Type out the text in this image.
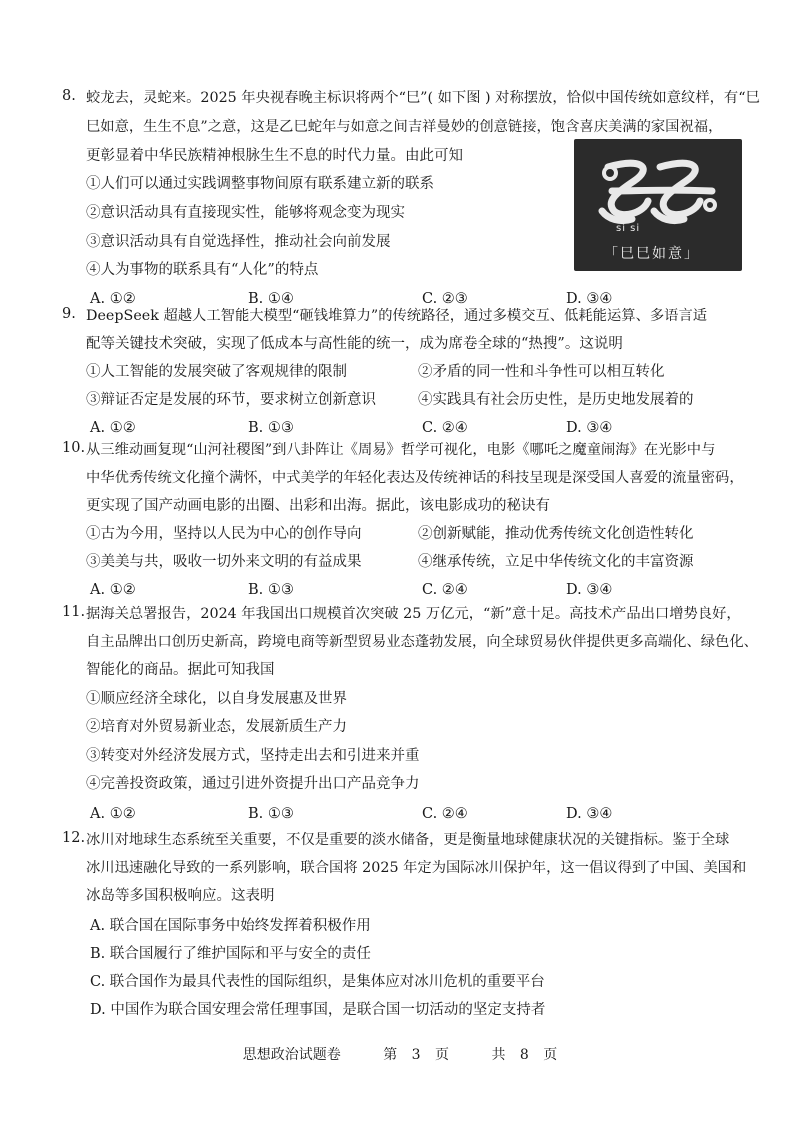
8. 蛟龙去，灵蛇来。2025 年央视春晚主标识将两个“巳”( 如下图 ) 对称摆放，恰似中国传统如意纹样，有“巳
巳如意，生生不息”之意，这是乙巳蛇年与如意之间吉祥曼妙的创意链接，饱含喜庆美满的家国祝福，
更彰显着中华民族精神根脉生生不息的时代力量。由此可知
①人们可以通过实践调整事物间原有联系建立新的联系
②意识活动具有直接现实性，能够将观念变为现实
③意识活动具有自觉选择性，推动社会向前发展
④人为事物的联系具有“人化”的特点
A. ①②	B. ①④	C. ②③	D. ③④
si si
「巳巳如意」
9. DeepSeek 超越人工智能大模型“砸钱堆算力”的传统路径，通过多模交互、低耗能运算、多语言适
配等关键技术突破，实现了低成本与高性能的统一，成为席卷全球的“热搜”。这说明
①人工智能的发展突破了客观规律的限制	②矛盾的同一性和斗争性可以相互转化
③辩证否定是发展的环节，要求树立创新意识	④实践具有社会历史性，是历史地发展着的
A. ①②	B. ①③	C. ②④	D. ③④
10. 从三维动画复现“山河社稷图”到八卦阵让《周易》哲学可视化，电影《哪吒之魔童闹海》在光影中与
中华优秀传统文化撞个满怀，中式美学的年轻化表达及传统神话的科技呈现是深受国人喜爱的流量密码，
更实现了国产动画电影的出圈、出彩和出海。据此，该电影成功的秘诀有
①古为今用，坚持以人民为中心的创作导向	②创新赋能，推动优秀传统文化创造性转化
③美美与共，吸收一切外来文明的有益成果	④继承传统，立足中华传统文化的丰富资源
A. ①②	B. ①③	C. ②④	D. ③④
11. 据海关总署报告，2024 年我国出口规模首次突破 25 万亿元，“新”意十足。高技术产品出口增势良好，
自主品牌出口创历史新高，跨境电商等新型贸易业态蓬勃发展，向全球贸易伙伴提供更多高端化、绿色化、
智能化的商品。据此可知我国
①顺应经济全球化，以自身发展惠及世界
②培育对外贸易新业态，发展新质生产力
③转变对外经济发展方式，坚持走出去和引进来并重
④完善投资政策，通过引进外资提升出口产品竞争力
A. ①②	B. ①③	C. ②④	D. ③④
12. 冰川对地球生态系统至关重要，不仅是重要的淡水储备，更是衡量地球健康状况的关键指标。鉴于全球
冰川迅速融化导致的一系列影响，联合国将 2025 年定为国际冰川保护年，这一倡议得到了中国、美国和
冰岛等多国积极响应。这表明
A. 联合国在国际事务中始终发挥着积极作用
B. 联合国履行了维护国际和平与安全的责任
C. 联合国作为最具代表性的国际组织，是集体应对冰川危机的重要平台
D. 中国作为联合国安理会常任理事国，是联合国一切活动的坚定支持者
思想政治试题卷	第 3 页	共 8 页
